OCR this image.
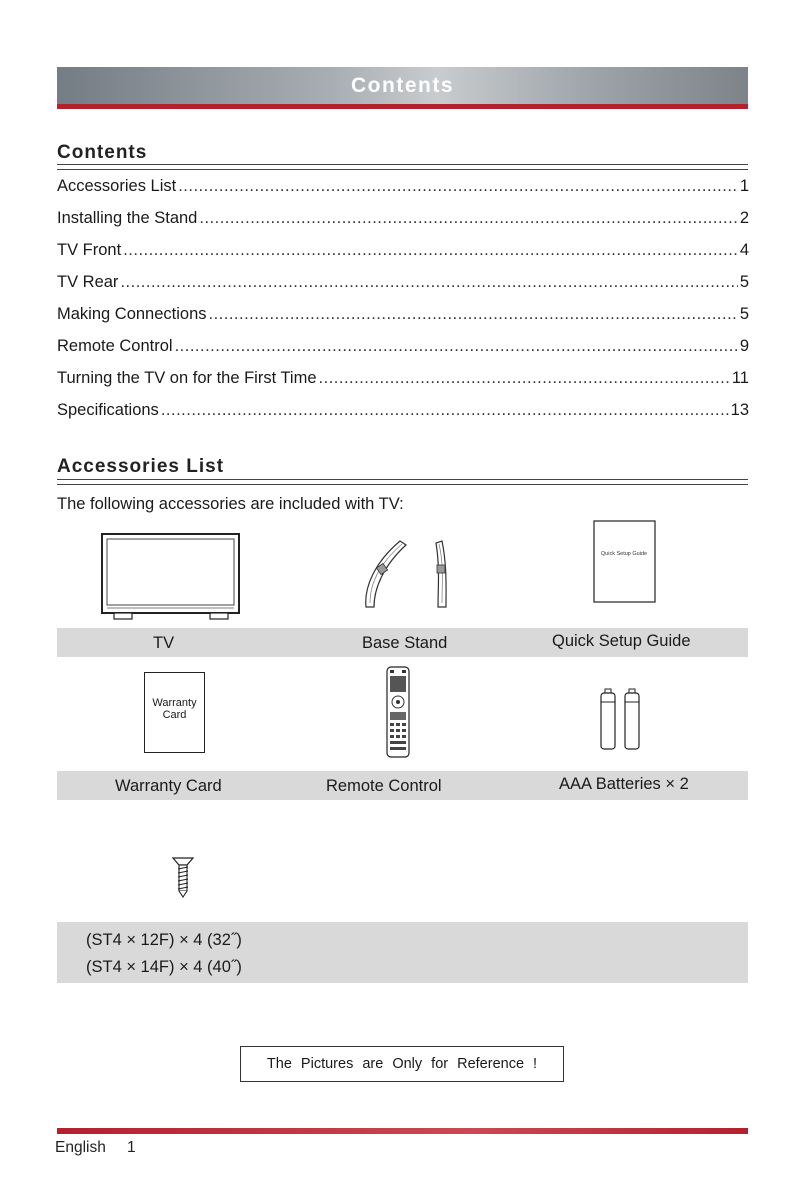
Contents
Contents
Accessories List .....	1
Installing the Stand .....	2
TV Front .....	4
TV Rear .....	5
Making Connections .....	5
Remote Control .....	9
Turning the TV on for the First Time .....	11
Specifications .....	13
Accessories List
The following accessories are included with TV:
Quick Setup Guide
TV	Base Stand	Quick Setup Guide
Warranty Card
Warranty Card	Remote Control	AAA Batteries × 2
(ST4 × 12F) × 4 (32˝)
(ST4 × 14F) × 4 (40˝)
The Pictures are Only for Reference !
English 1
